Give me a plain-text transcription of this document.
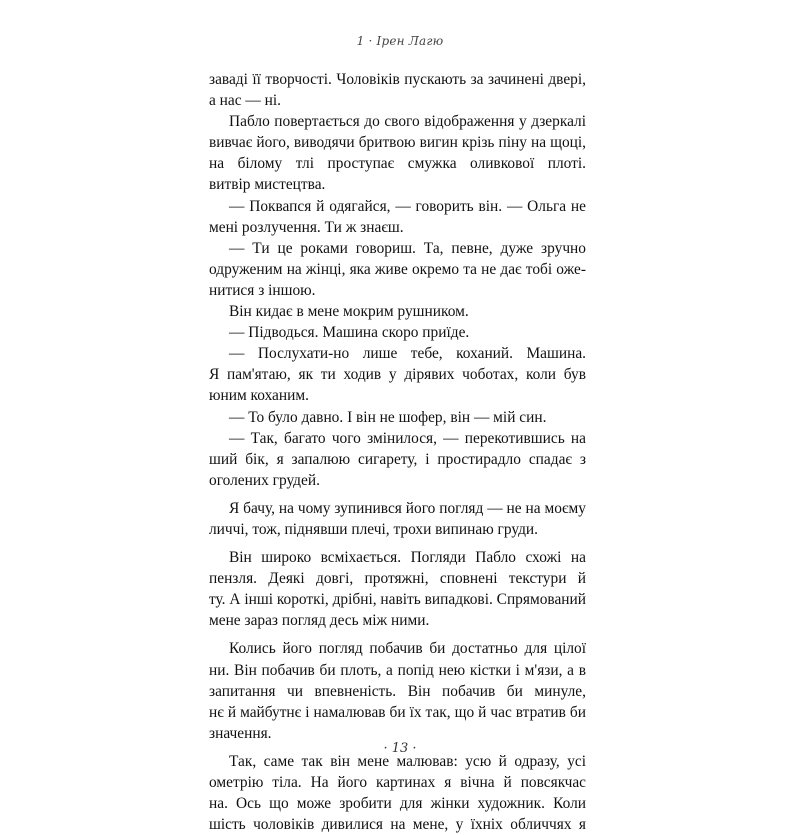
1 · Ірен Лагю
заваді її творчості. Чоловіків пускають за зачинені двері,
а нас — ні.
Пабло повертається до свого відображення у дзеркалі
вивчає його, виводячи бритвою вигин крізь піну на щоці,
на білому тлі проступає смужка оливкової плоті.
витвір мистецтва.
— Поквапся й одягайся, — говорить він. — Ольга не
мені розлучення. Ти ж знаєш.
— Ти це роками говориш. Та, певне, дуже зручно
одруженим на жінці, яка живе окремо та не дає тобі оже-
нитися з іншою.
Він кидає в мене мокрим рушником.
— Підводься. Машина скоро приїде.
— Послухати-но лише тебе, коханий. Машина.
Я пам'ятаю, як ти ходив у дірявих чоботах, коли був
юним коханим.
— То було давно. І він не шофер, він — мій син.
— Так, багато чого змінилося, — перекотившись на
ший бік, я запалюю сигарету, і простирадло спадає з
оголених грудей.
Я бачу, на чому зупинився його погляд — не на моєму
личчі, тож, піднявши плечі, трохи випинаю груди.
Він широко всміхається. Погляди Пабло схожі на
пензля. Деякі довгі, протяжні, сповнені текстури й
ту. А інші короткі, дрібні, навіть випадкові. Спрямований
мене зараз погляд десь між ними.
Колись його погляд побачив би достатньо для цілої
ни. Він побачив би плоть, а попід нею кістки і м'язи, а в
запитання чи впевненість. Він побачив би минуле,
нє й майбутнє і намалював би їх так, що й час втратив би
значення.
Так, саме так він мене малював: усю й одразу, усі
ометрію тіла. На його картинах я вічна й повсякчас
на. Ось що може зробити для жінки художник. Коли
шість чоловіків дивилися на мене, у їхніх обличчях я
· 13 ·
